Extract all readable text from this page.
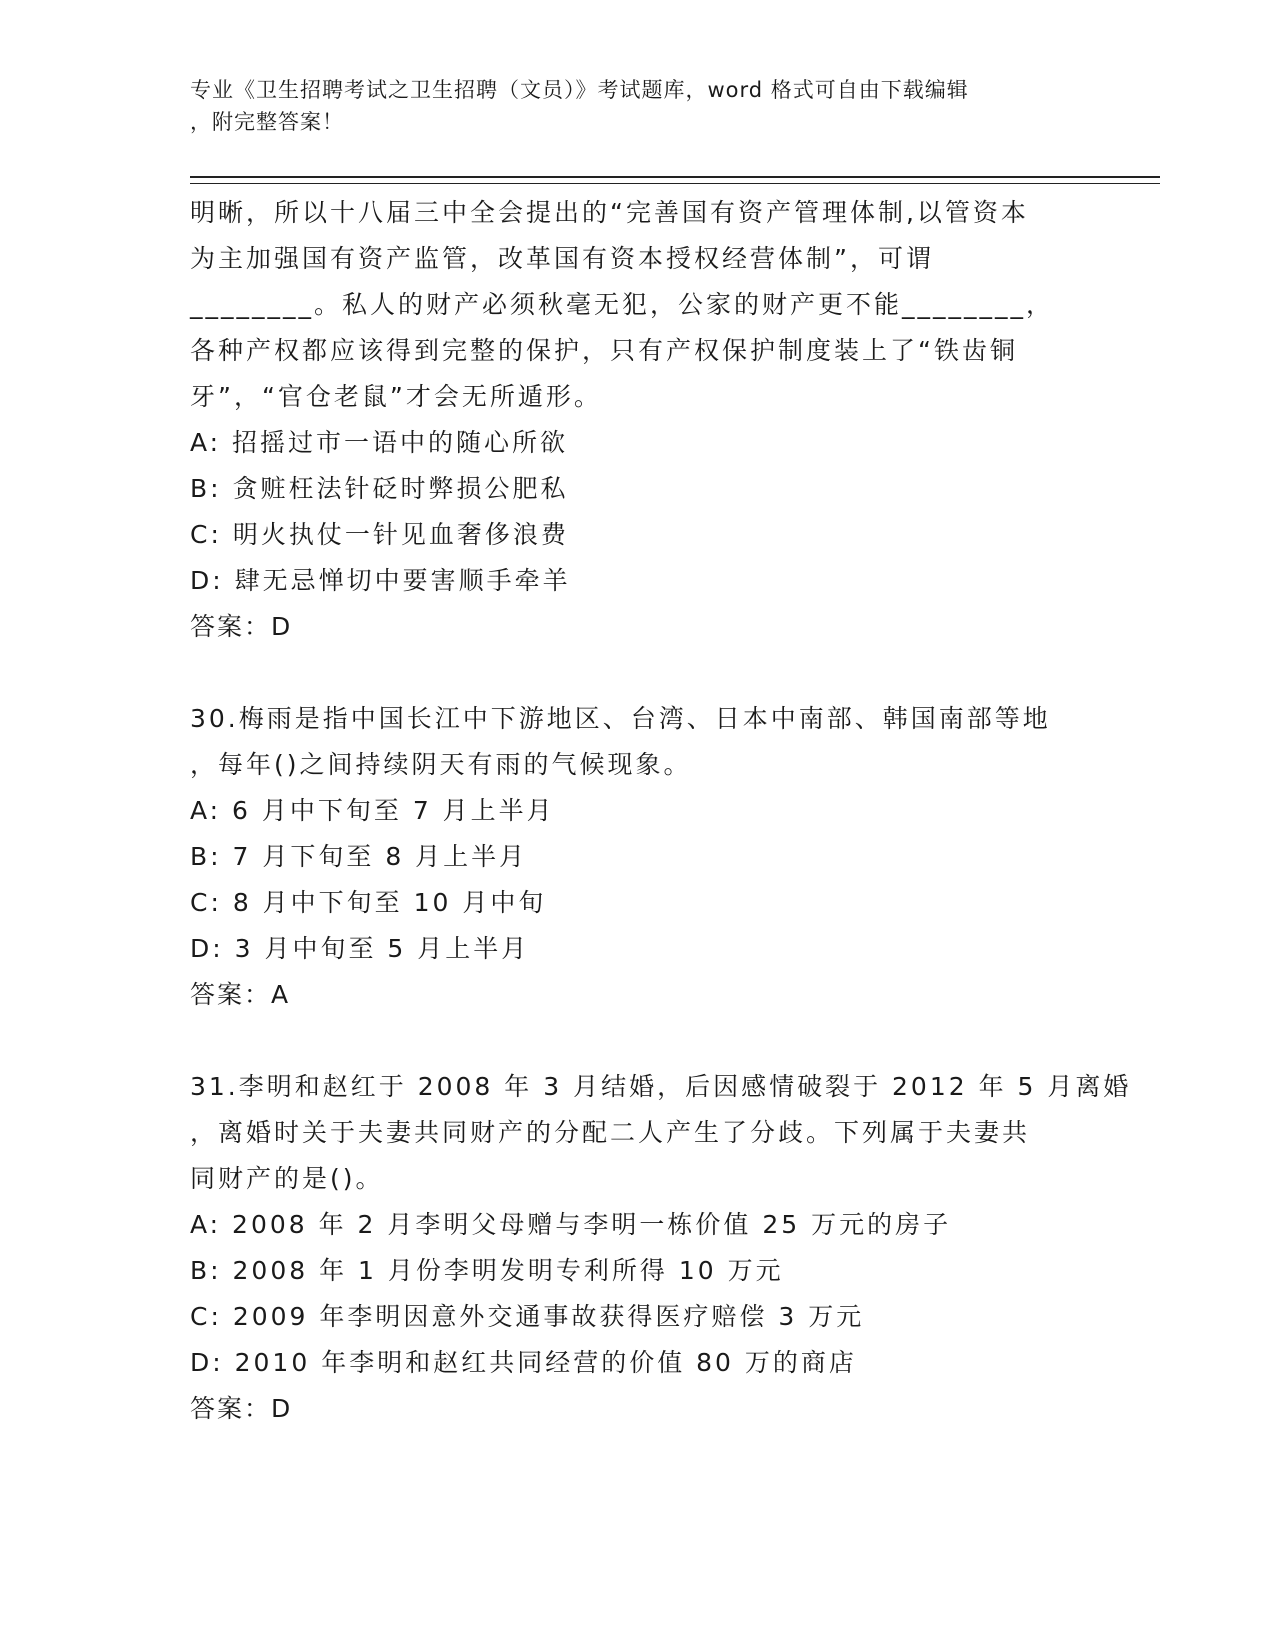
专业《卫生招聘考试之卫生招聘（文员）》考试题库，word 格式可自由下载编辑
，附完整答案！
明晰，所以十八届三中全会提出的“完善国有资产管理体制,以管资本
为主加强国有资产监管，改革国有资本授权经营体制”，可谓
________。私人的财产必须秋毫无犯，公家的财产更不能________，
各种产权都应该得到完整的保护，只有产权保护制度装上了“铁齿铜
牙”，“官仓老鼠”才会无所遁形。
A: 招摇过市一语中的随心所欲
B: 贪赃枉法针砭时弊损公肥私
C: 明火执仗一针见血奢侈浪费
D: 肆无忌惮切中要害顺手牵羊
答案：D
30.梅雨是指中国长江中下游地区、台湾、日本中南部、韩国南部等地
，每年()之间持续阴天有雨的气候现象。
A: 6 月中下旬至 7 月上半月
B: 7 月下旬至 8 月上半月
C: 8 月中下旬至 10 月中旬
D: 3 月中旬至 5 月上半月
答案：A
31.李明和赵红于 2008 年 3 月结婚，后因感情破裂于 2012 年 5 月离婚
，离婚时关于夫妻共同财产的分配二人产生了分歧。下列属于夫妻共
同财产的是()。
A: 2008 年 2 月李明父母赠与李明一栋价值 25 万元的房子
B: 2008 年 1 月份李明发明专利所得 10 万元
C: 2009 年李明因意外交通事故获得医疗赔偿 3 万元
D: 2010 年李明和赵红共同经营的价值 80 万的商店
答案：D
